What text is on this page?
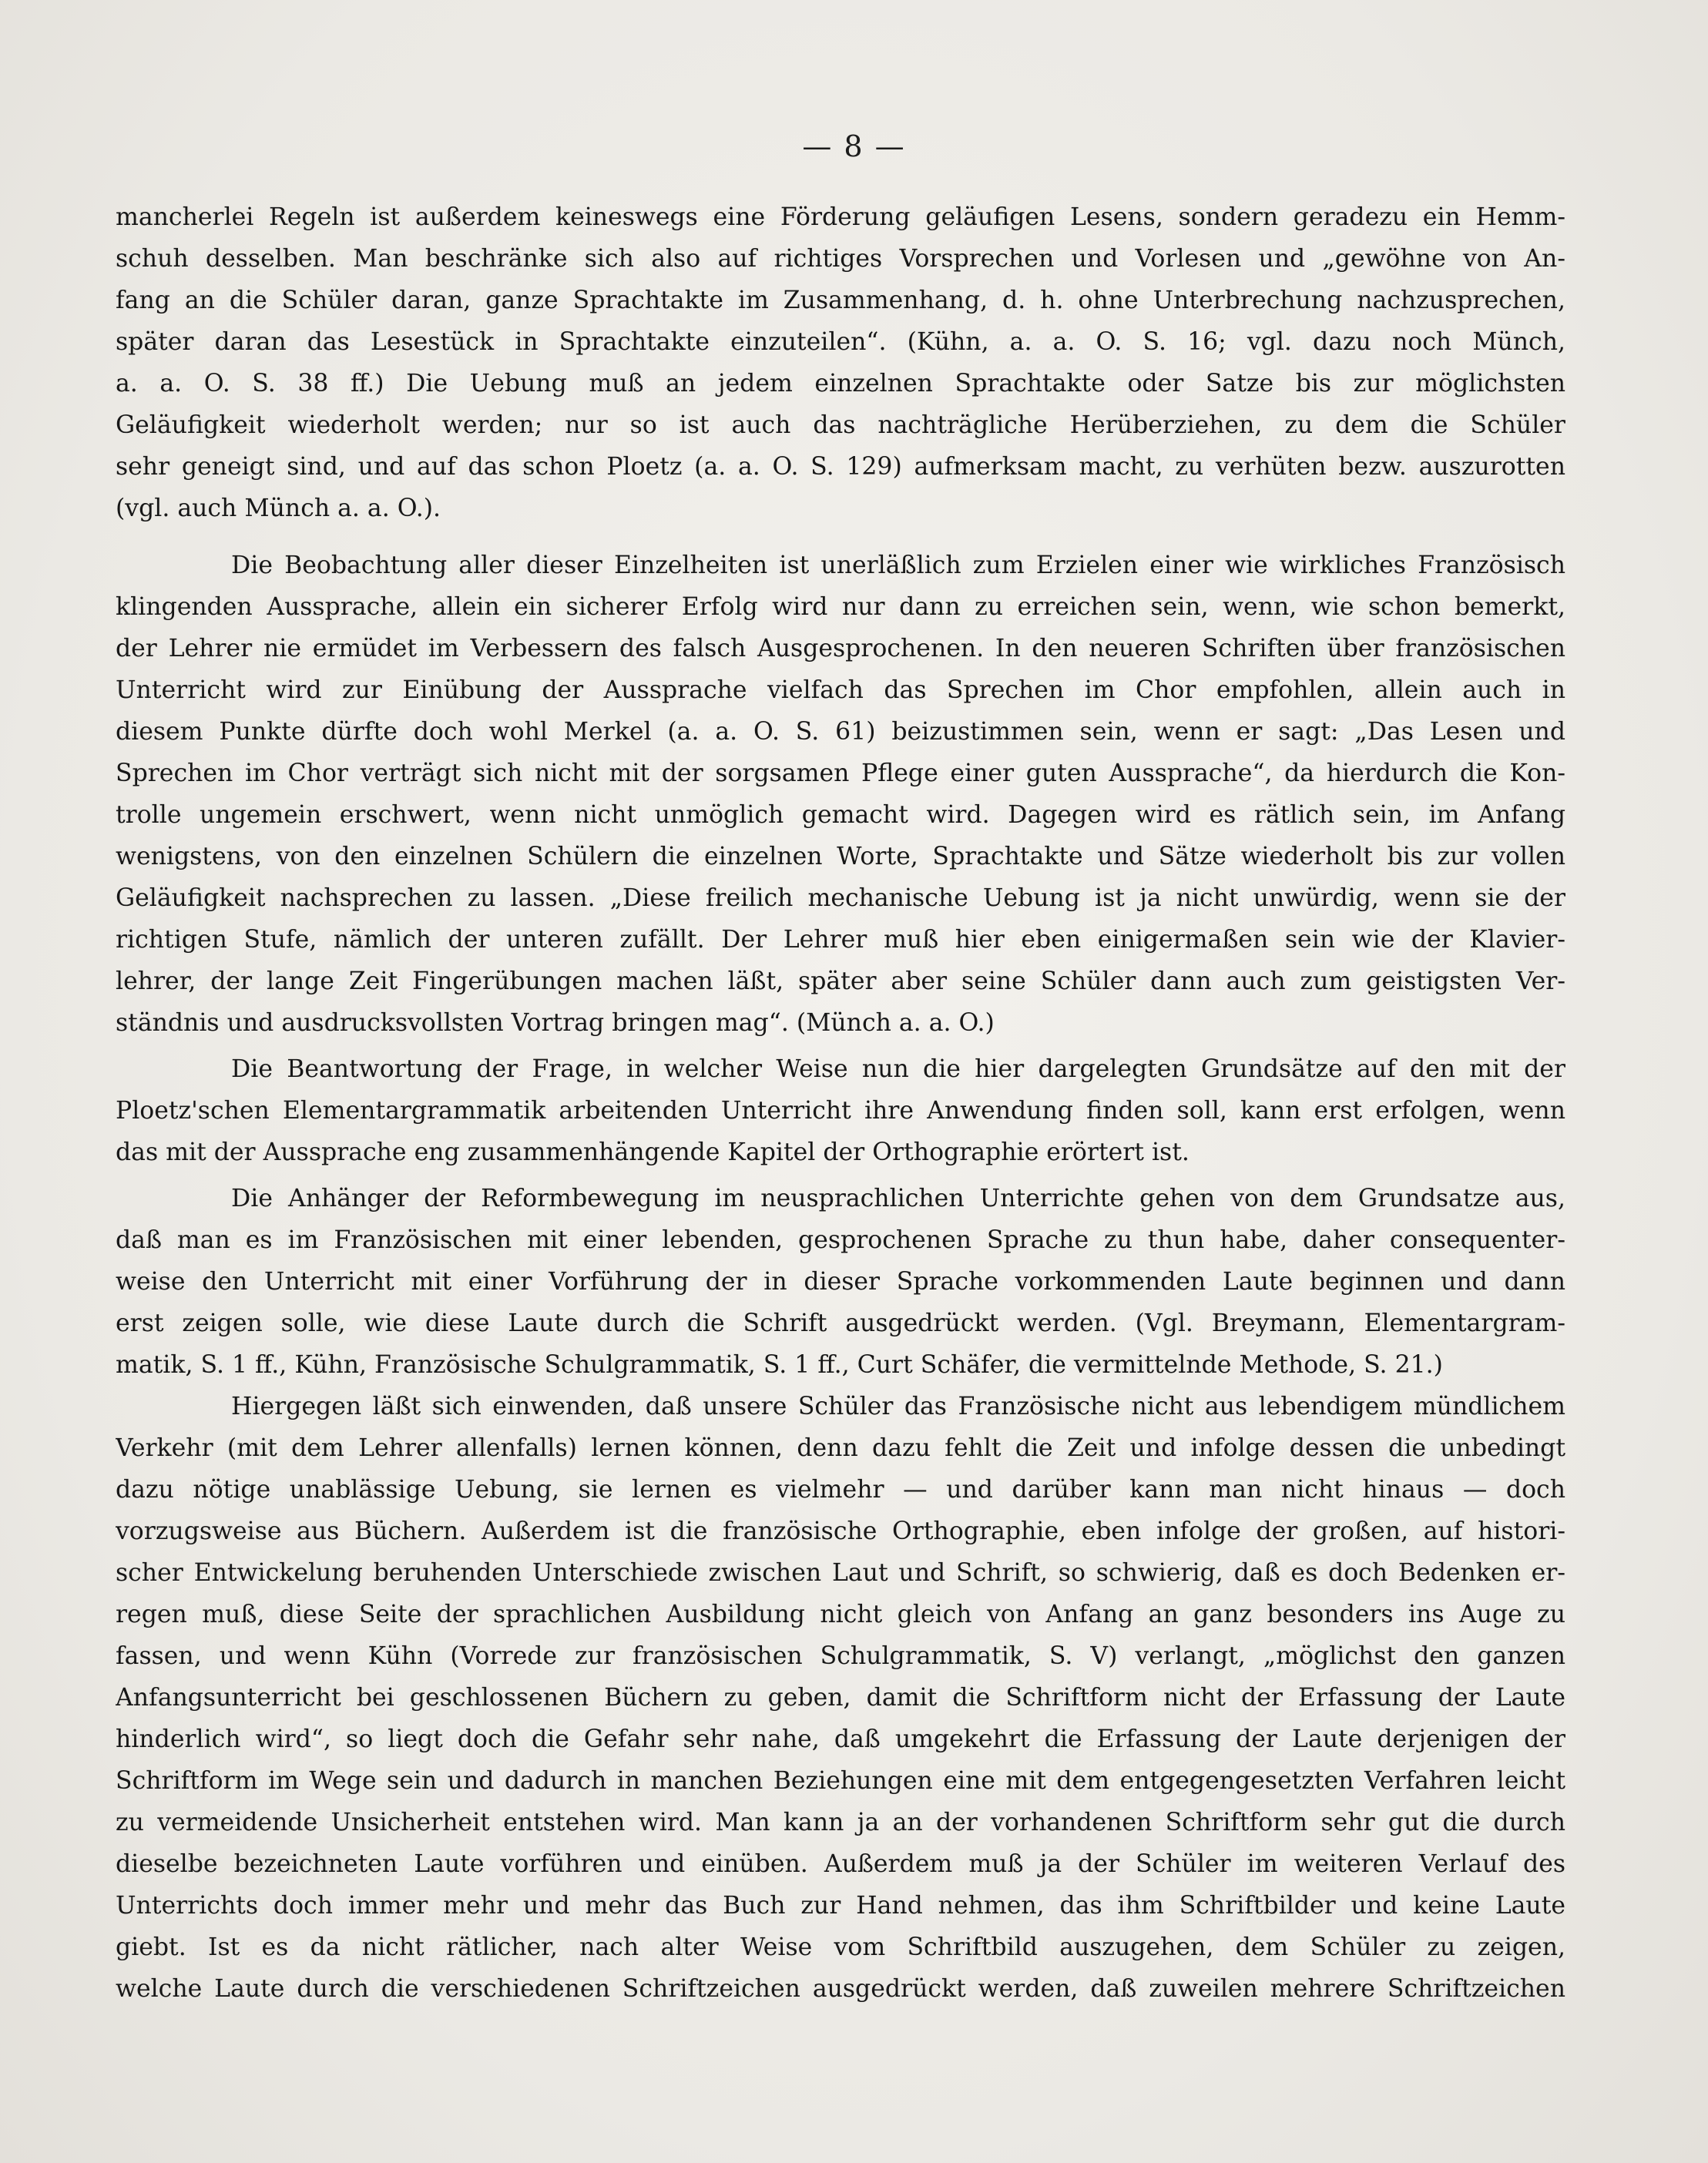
— 8 —
mancherlei Regeln ist außerdem keineswegs eine Förderung geläufigen Lesens, sondern geradezu ein Hemm-
schuh desselben. Man beschränke sich also auf richtiges Vorsprechen und Vorlesen und „gewöhne von An-
fang an die Schüler daran, ganze Sprachtakte im Zusammenhang, d. h. ohne Unterbrechung nachzusprechen,
später daran das Lesestück in Sprachtakte einzuteilen“. (Kühn, a. a. O. S. 16; vgl. dazu noch Münch,
a. a. O. S. 38 ff.) Die Uebung muß an jedem einzelnen Sprachtakte oder Satze bis zur möglichsten
Geläufigkeit wiederholt werden; nur so ist auch das nachträgliche Herüberziehen, zu dem die Schüler
sehr geneigt sind, und auf das schon Ploetz (a. a. O. S. 129) aufmerksam macht, zu verhüten bezw. auszurotten
(vgl. auch Münch a. a. O.).
Die Beobachtung aller dieser Einzelheiten ist unerläßlich zum Erzielen einer wie wirkliches Französisch
klingenden Aussprache, allein ein sicherer Erfolg wird nur dann zu erreichen sein, wenn, wie schon bemerkt,
der Lehrer nie ermüdet im Verbessern des falsch Ausgesprochenen. In den neueren Schriften über französischen
Unterricht wird zur Einübung der Aussprache vielfach das Sprechen im Chor empfohlen, allein auch in
diesem Punkte dürfte doch wohl Merkel (a. a. O. S. 61) beizustimmen sein, wenn er sagt: „Das Lesen und
Sprechen im Chor verträgt sich nicht mit der sorgsamen Pflege einer guten Aussprache“, da hierdurch die Kon-
trolle ungemein erschwert, wenn nicht unmöglich gemacht wird. Dagegen wird es rätlich sein, im Anfang
wenigstens, von den einzelnen Schülern die einzelnen Worte, Sprachtakte und Sätze wiederholt bis zur vollen
Geläufigkeit nachsprechen zu lassen. „Diese freilich mechanische Uebung ist ja nicht unwürdig, wenn sie der
richtigen Stufe, nämlich der unteren zufällt. Der Lehrer muß hier eben einigermaßen sein wie der Klavier-
lehrer, der lange Zeit Fingerübungen machen läßt, später aber seine Schüler dann auch zum geistigsten Ver-
ständnis und ausdrucksvollsten Vortrag bringen mag“. (Münch a. a. O.)
Die Beantwortung der Frage, in welcher Weise nun die hier dargelegten Grundsätze auf den mit der
Ploetz'schen Elementargrammatik arbeitenden Unterricht ihre Anwendung finden soll, kann erst erfolgen, wenn
das mit der Aussprache eng zusammenhängende Kapitel der Orthographie erörtert ist.
Die Anhänger der Reformbewegung im neusprachlichen Unterrichte gehen von dem Grundsatze aus,
daß man es im Französischen mit einer lebenden, gesprochenen Sprache zu thun habe, daher consequenter-
weise den Unterricht mit einer Vorführung der in dieser Sprache vorkommenden Laute beginnen und dann
erst zeigen solle, wie diese Laute durch die Schrift ausgedrückt werden. (Vgl. Breymann, Elementargram-
matik, S. 1 ff., Kühn, Französische Schulgrammatik, S. 1 ff., Curt Schäfer, die vermittelnde Methode, S. 21.)
Hiergegen läßt sich einwenden, daß unsere Schüler das Französische nicht aus lebendigem mündlichem
Verkehr (mit dem Lehrer allenfalls) lernen können, denn dazu fehlt die Zeit und infolge dessen die unbedingt
dazu nötige unablässige Uebung, sie lernen es vielmehr — und darüber kann man nicht hinaus — doch
vorzugsweise aus Büchern. Außerdem ist die französische Orthographie, eben infolge der großen, auf histori-
scher Entwickelung beruhenden Unterschiede zwischen Laut und Schrift, so schwierig, daß es doch Bedenken er-
regen muß, diese Seite der sprachlichen Ausbildung nicht gleich von Anfang an ganz besonders ins Auge zu
fassen, und wenn Kühn (Vorrede zur französischen Schulgrammatik, S. V) verlangt, „möglichst den ganzen
Anfangsunterricht bei geschlossenen Büchern zu geben, damit die Schriftform nicht der Erfassung der Laute
hinderlich wird“, so liegt doch die Gefahr sehr nahe, daß umgekehrt die Erfassung der Laute derjenigen der
Schriftform im Wege sein und dadurch in manchen Beziehungen eine mit dem entgegengesetzten Verfahren leicht
zu vermeidende Unsicherheit entstehen wird. Man kann ja an der vorhandenen Schriftform sehr gut die durch
dieselbe bezeichneten Laute vorführen und einüben. Außerdem muß ja der Schüler im weiteren Verlauf des
Unterrichts doch immer mehr und mehr das Buch zur Hand nehmen, das ihm Schriftbilder und keine Laute
giebt. Ist es da nicht rätlicher, nach alter Weise vom Schriftbild auszugehen, dem Schüler zu zeigen,
welche Laute durch die verschiedenen Schriftzeichen ausgedrückt werden, daß zuweilen mehrere Schriftzeichen
